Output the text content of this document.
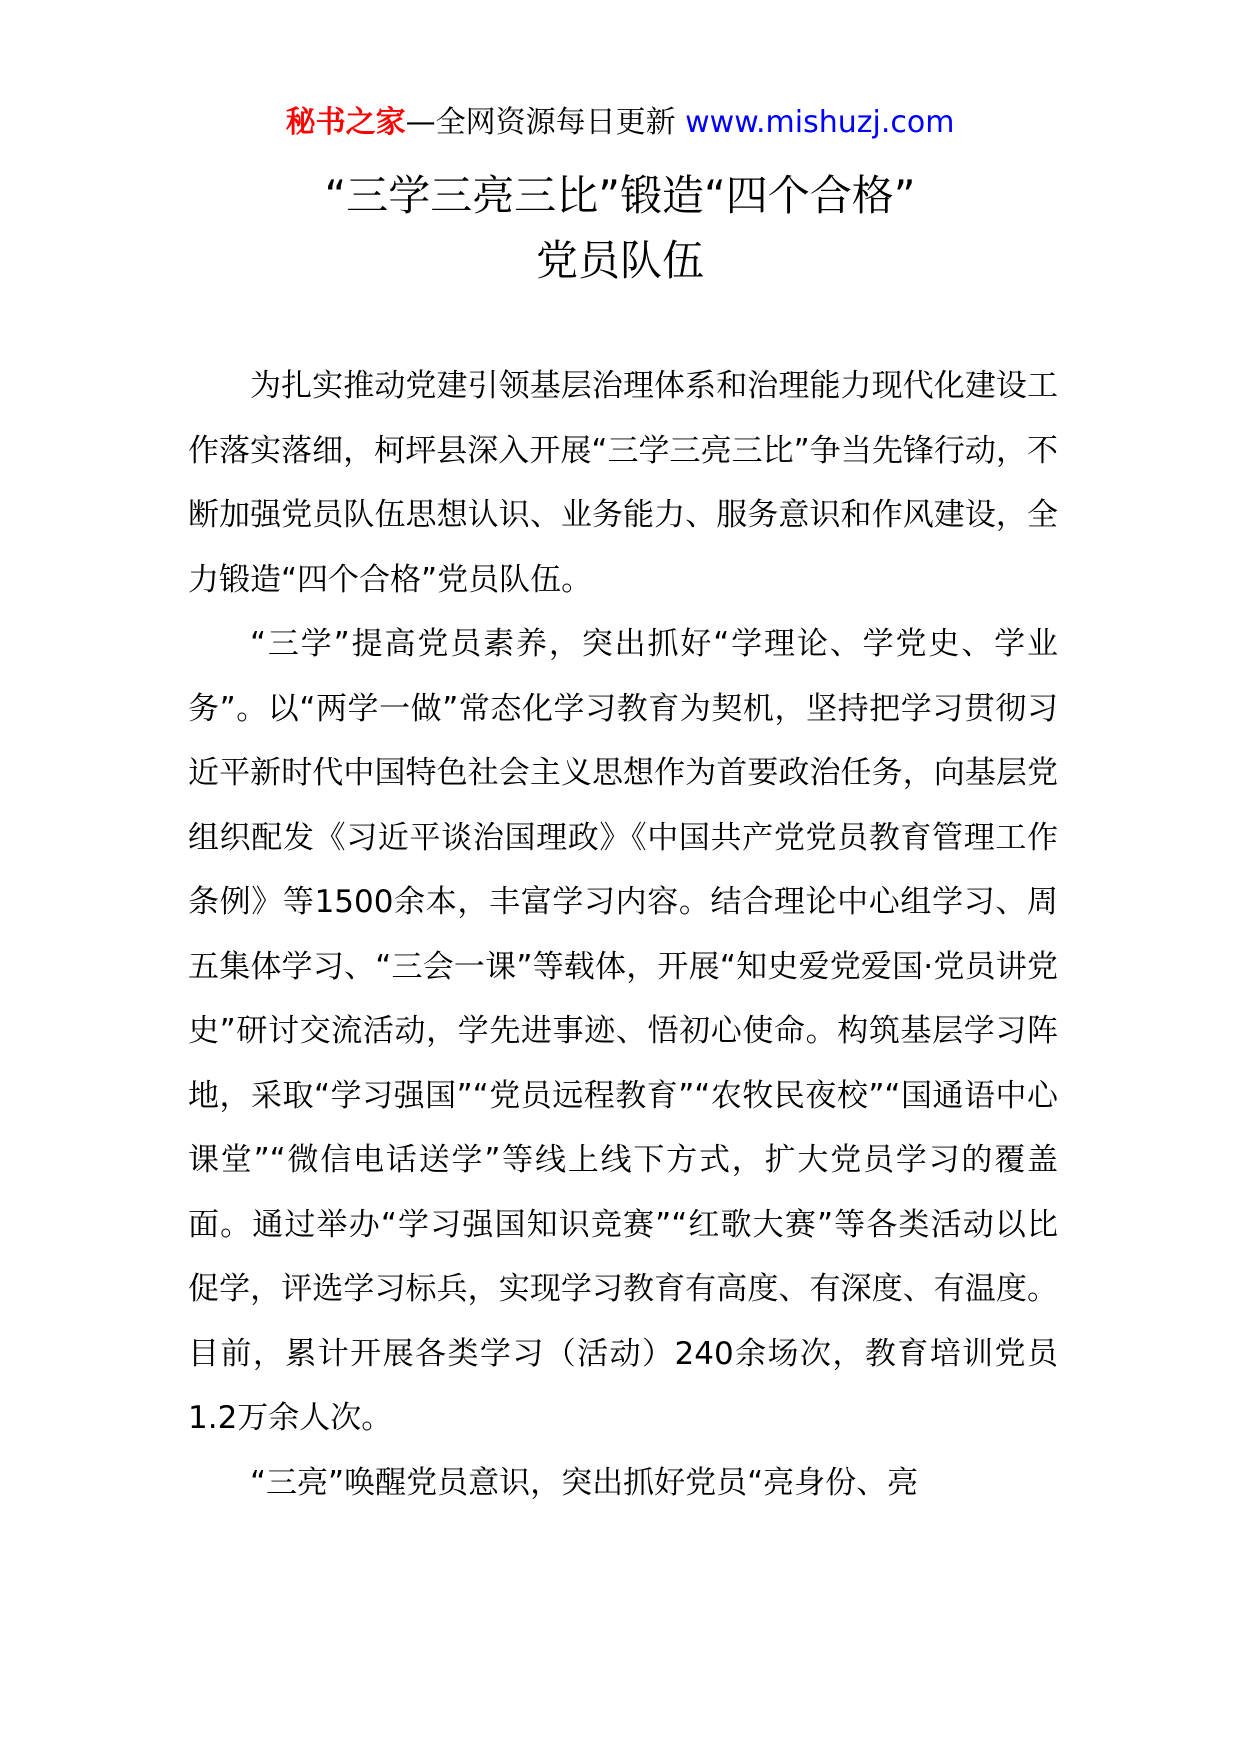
秘书之家—全网资源每日更新 www.mishuzj.com
“三学三亮三比”锻造“四个合格”
党员队伍

为扎实推动党建引领基层治理体系和治理能力现代化建设工作落实落细，柯坪县深入开展“三学三亮三比”争当先锋行动，不断加强党员队伍思想认识、业务能力、服务意识和作风建设，全力锻造“四个合格”党员队伍。

“三学”提高党员素养，突出抓好“学理论、学党史、学业务”。以“两学一做”常态化学习教育为契机，坚持把学习贯彻习近平新时代中国特色社会主义思想作为首要政治任务，向基层党组织配发《习近平谈治国理政》《中国共产党党员教育管理工作条例》等1500余本，丰富学习内容。结合理论中心组学习、周五集体学习、“三会一课”等载体，开展“知史爱党爱国·党员讲党史”研讨交流活动，学先进事迹、悟初心使命。构筑基层学习阵地，采取“学习强国”“党员远程教育”“农牧民夜校”“国通语中心课堂”“微信电话送学”等线上线下方式，扩大党员学习的覆盖面。通过举办“学习强国知识竞赛”“红歌大赛”等各类活动以比促学，评选学习标兵，实现学习教育有高度、有深度、有温度。目前，累计开展各类学习（活动）240余场次，教育培训党员1.2万余人次。

“三亮”唤醒党员意识，突出抓好党员“亮身份、亮
